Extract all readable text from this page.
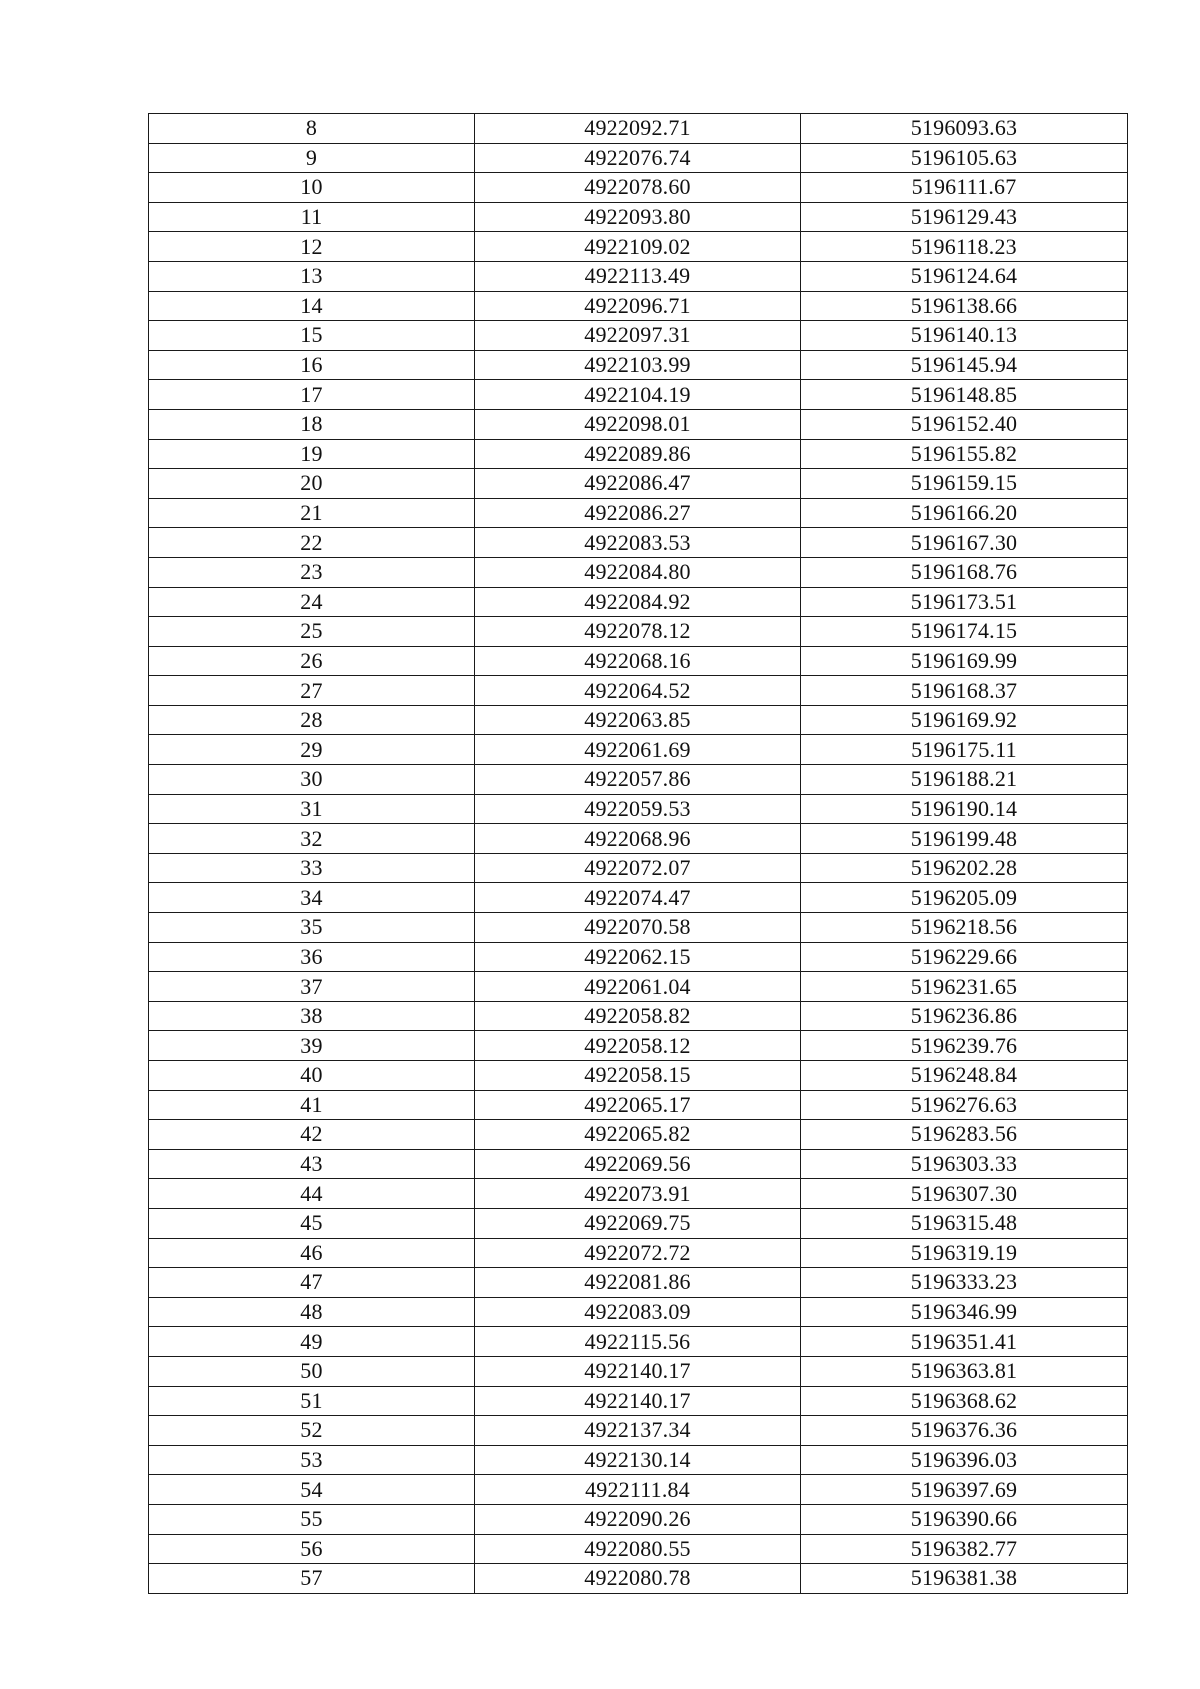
8	4922092.71	5196093.63
9	4922076.74	5196105.63
10	4922078.60	5196111.67
11	4922093.80	5196129.43
12	4922109.02	5196118.23
13	4922113.49	5196124.64
14	4922096.71	5196138.66
15	4922097.31	5196140.13
16	4922103.99	5196145.94
17	4922104.19	5196148.85
18	4922098.01	5196152.40
19	4922089.86	5196155.82
20	4922086.47	5196159.15
21	4922086.27	5196166.20
22	4922083.53	5196167.30
23	4922084.80	5196168.76
24	4922084.92	5196173.51
25	4922078.12	5196174.15
26	4922068.16	5196169.99
27	4922064.52	5196168.37
28	4922063.85	5196169.92
29	4922061.69	5196175.11
30	4922057.86	5196188.21
31	4922059.53	5196190.14
32	4922068.96	5196199.48
33	4922072.07	5196202.28
34	4922074.47	5196205.09
35	4922070.58	5196218.56
36	4922062.15	5196229.66
37	4922061.04	5196231.65
38	4922058.82	5196236.86
39	4922058.12	5196239.76
40	4922058.15	5196248.84
41	4922065.17	5196276.63
42	4922065.82	5196283.56
43	4922069.56	5196303.33
44	4922073.91	5196307.30
45	4922069.75	5196315.48
46	4922072.72	5196319.19
47	4922081.86	5196333.23
48	4922083.09	5196346.99
49	4922115.56	5196351.41
50	4922140.17	5196363.81
51	4922140.17	5196368.62
52	4922137.34	5196376.36
53	4922130.14	5196396.03
54	4922111.84	5196397.69
55	4922090.26	5196390.66
56	4922080.55	5196382.77
57	4922080.78	5196381.38
